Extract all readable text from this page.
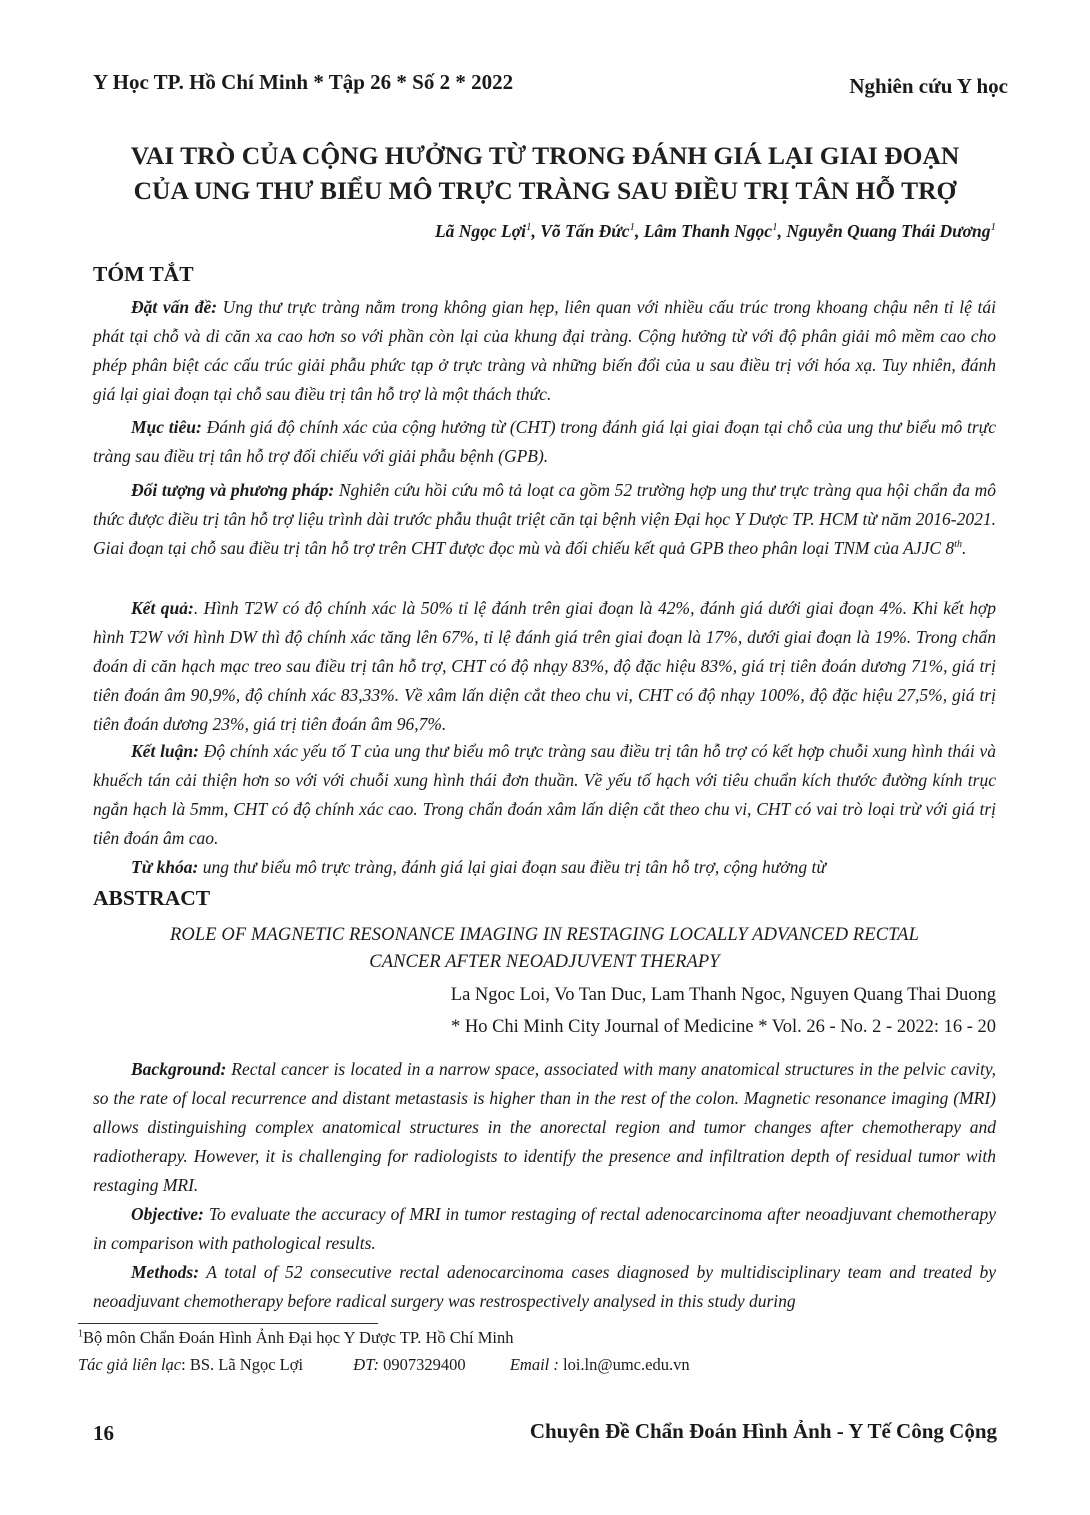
Y Học TP. Hồ Chí Minh * Tập 26 * Số 2 * 2022	Nghiên cứu Y học
VAI TRÒ CỦA CỘNG HƯỞNG TỪ TRONG ĐÁNH GIÁ LẠI GIAI ĐOẠN
CỦA UNG THƯ BIỂU MÔ TRỰC TRÀNG SAU ĐIỀU TRỊ TÂN HỖ TRỢ
Lã Ngọc Lợi$^1$, Võ Tấn Đức$^1$, Lâm Thanh Ngọc$^1$, Nguyễn Quang Thái Dương$^1$
TÓM TẮT

Đặt vấn đề: Ung thư trực tràng nằm trong không gian hẹp, liên quan với nhiều cấu trúc trong khoang chậu nên tỉ lệ tái phát tại chỗ và di căn xa cao hơn so với phần còn lại của khung đại tràng. Cộng hưởng từ với độ phân giải mô mềm cao cho phép phân biệt các cấu trúc giải phẫu phức tạp ở trực tràng và những biến đổi của u sau điều trị với hóa xạ. Tuy nhiên, đánh giá lại giai đoạn tại chỗ sau điều trị tân hỗ trợ là một thách thức.

Mục tiêu: Đánh giá độ chính xác của cộng hưởng từ (CHT) trong đánh giá lại giai đoạn tại chỗ của ung thư biểu mô trực tràng sau điều trị tân hỗ trợ đối chiếu với giải phẫu bệnh (GPB).

Đối tượng và phương pháp: Nghiên cứu hồi cứu mô tả loạt ca gồm 52 trường hợp ung thư trực tràng qua hội chẩn đa mô thức được điều trị tân hỗ trợ liệu trình dài trước phẫu thuật triệt căn tại bệnh viện Đại học Y Dược TP. HCM từ năm 2016-2021. Giai đoạn tại chỗ sau điều trị tân hỗ trợ trên CHT được đọc mù và đối chiếu kết quả GPB theo phân loại TNM của AJJC 8th.

Kết quả:. Hình T2W có độ chính xác là 50% tỉ lệ đánh trên giai đoạn là 42%, đánh giá dưới giai đoạn 4%. Khi kết hợp hình T2W với hình DW thì độ chính xác tăng lên 67%, tỉ lệ đánh giá trên giai đoạn là 17%, dưới giai đoạn là 19%. Trong chẩn đoán di căn hạch mạc treo sau điều trị tân hỗ trợ, CHT có độ nhạy 83%, độ đặc hiệu 83%, giá trị tiên đoán dương 71%, giá trị tiên đoán âm 90,9%, độ chính xác 83,33%. Về xâm lấn diện cắt theo chu vi, CHT có độ nhạy 100%, độ đặc hiệu 27,5%, giá trị tiên đoán dương 23%, giá trị tiên đoán âm 96,7%.

Kết luận: Độ chính xác yếu tố T của ung thư biểu mô trực tràng sau điều trị tân hỗ trợ có kết hợp chuỗi xung hình thái và khuếch tán cải thiện hơn so với với chuỗi xung hình thái đơn thuần. Về yếu tố hạch với tiêu chuẩn kích thước đường kính trục ngắn hạch là 5mm, CHT có độ chính xác cao. Trong chẩn đoán xâm lấn diện cắt theo chu vi, CHT có vai trò loại trừ với giá trị tiên đoán âm cao.

Từ khóa: ung thư biểu mô trực tràng, đánh giá lại giai đoạn sau điều trị tân hỗ trợ, cộng hưởng từ

ABSTRACT
ROLE OF MAGNETIC RESONANCE IMAGING IN RESTAGING LOCALLY ADVANCED RECTAL
CANCER AFTER NEOADJUVENT THERAPY
La Ngoc Loi, Vo Tan Duc, Lam Thanh Ngoc, Nguyen Quang Thai Duong
* Ho Chi Minh City Journal of Medicine * Vol. 26 - No. 2 - 2022: 16 - 20

Background: Rectal cancer is located in a narrow space, associated with many anatomical structures in the pelvic cavity, so the rate of local recurrence and distant metastasis is higher than in the rest of the colon. Magnetic resonance imaging (MRI) allows distinguishing complex anatomical structures in the anorectal region and tumor changes after chemotherapy and radiotherapy. However, it is challenging for radiologists to identify the presence and infiltration depth of residual tumor with restaging MRI.

Objective: To evaluate the accuracy of MRI in tumor restaging of rectal adenocarcinoma after neoadjuvant chemotherapy in comparison with pathological results.

Methods: A total of 52 consecutive rectal adenocarcinoma cases diagnosed by multidisciplinary team and treated by neoadjuvant chemotherapy before radical surgery was restrospectively analysed in this study during

$^1$Bộ môn Chẩn Đoán Hình Ảnh Đại học Y Dược TP. Hồ Chí Minh
Tác giả liên lạc: BS. Lã Ngọc Lợi	ĐT: 0907329400	Email : loi.ln@umc.edu.vn
16	Chuyên Đề Chẩn Đoán Hình Ảnh - Y Tế Công Cộng
